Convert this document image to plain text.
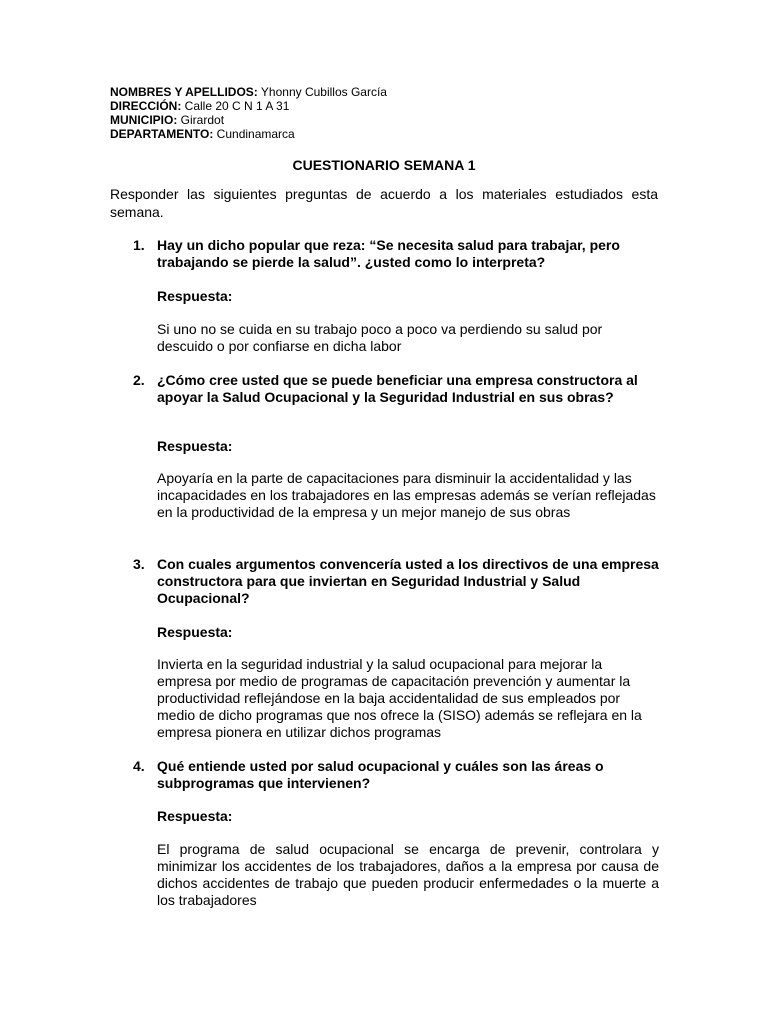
NOMBRES Y APELLIDOS: Yhonny Cubillos García
DIRECCIÓN: Calle 20 C N 1 A 31
MUNICIPIO: Girardot
DEPARTAMENTO: Cundinamarca
CUESTIONARIO SEMANA 1
Responder las siguientes preguntas de acuerdo a los materiales estudiados esta semana.
1. Hay un dicho popular que reza: “Se necesita salud para trabajar, pero trabajando se pierde la salud”. ¿usted como lo interpreta?
Respuesta:
Si uno no se cuida en su trabajo poco a poco va perdiendo su salud por descuido o por confiarse en dicha labor
2. ¿Cómo cree usted que se puede beneficiar una empresa constructora al apoyar la Salud Ocupacional y la Seguridad Industrial en sus obras?
Respuesta:
Apoyaría en la parte de capacitaciones para disminuir la accidentalidad y las incapacidades en los trabajadores en las empresas además se verían reflejadas en la productividad de la empresa y un mejor manejo de sus obras
3. Con cuales argumentos convencería usted a los directivos de una empresa constructora para que inviertan en Seguridad Industrial y Salud Ocupacional?
Respuesta:
Invierta en la seguridad industrial y la salud ocupacional para mejorar la empresa por medio de programas de capacitación prevención y aumentar la productividad reflejándose en la baja accidentalidad de sus empleados por medio de dicho programas que nos ofrece la (SISO) además se reflejara en la empresa pionera en utilizar dichos programas
4. Qué entiende usted por salud ocupacional y cuáles son las áreas o subprogramas que intervienen?
Respuesta:
El programa de salud ocupacional se encarga de prevenir, controlara y minimizar los accidentes de los trabajadores, daños a la empresa por causa de dichos accidentes de trabajo que pueden producir enfermedades o la muerte a los trabajadores
